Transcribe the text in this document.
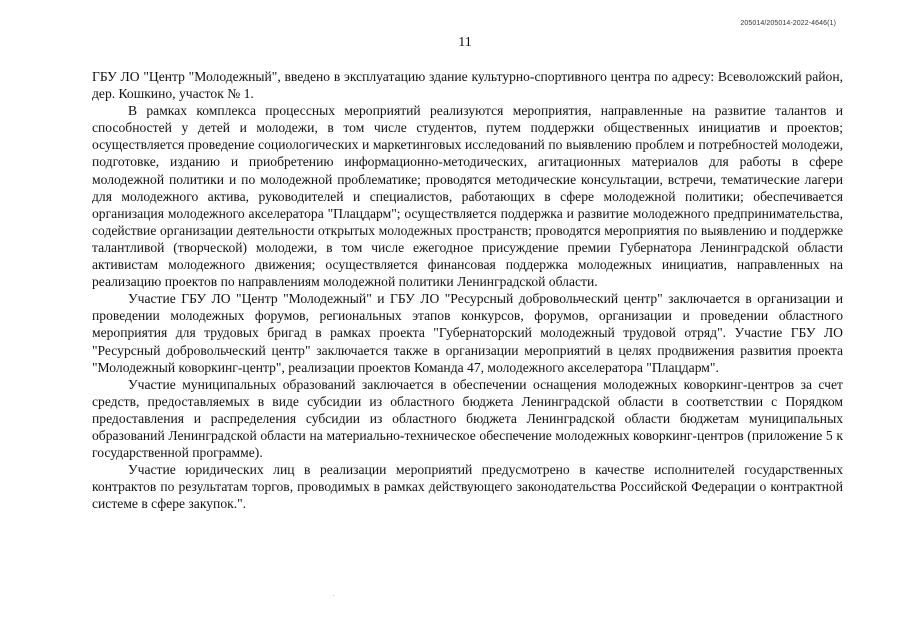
205014/205014-2022-4646(1)
11

ГБУ ЛО "Центр "Молодежный", введено в эксплуатацию здание культурно-спортивного центра по адресу: Всеволожский район, дер. Кошкино, участок № 1.

В рамках комплекса процессных мероприятий реализуются мероприятия, направленные на развитие талантов и способностей у детей и молодежи, в том числе студентов, путем поддержки общественных инициатив и проектов; осуществляется проведение социологических и маркетинговых исследований по выявлению проблем и потребностей молодежи, подготовке, изданию и приобретению информационно-методических, агитационных материалов для работы в сфере молодежной политики и по молодежной проблематике; проводятся методические консультации, встречи, тематические лагери для молодежного актива, руководителей и специалистов, работающих в сфере молодежной политики; обеспечивается организация молодежного акселератора "Плацдарм"; осуществляется поддержка и развитие молодежного предпринимательства, содействие организации деятельности открытых молодежных пространств; проводятся мероприятия по выявлению и поддержке талантливой (творческой) молодежи, в том числе ежегодное присуждение премии Губернатора Ленинградской области активистам молодежного движения; осуществляется финансовая поддержка молодежных инициатив, направленных на реализацию проектов по направлениям молодежной политики Ленинградской области.

Участие ГБУ ЛО "Центр "Молодежный" и ГБУ ЛО "Ресурсный добровольческий центр" заключается в организации и проведении молодежных форумов, региональных этапов конкурсов, форумов, организации и проведении областного мероприятия для трудовых бригад в рамках проекта "Губернаторский молодежный трудовой отряд". Участие ГБУ ЛО "Ресурсный добровольческий центр" заключается также в организации мероприятий в целях продвижения развития проекта "Молодежный коворкинг-центр", реализации проектов Команда 47, молодежного акселератора "Плацдарм".

Участие муниципальных образований заключается в обеспечении оснащения молодежных коворкинг-центров за счет средств, предоставляемых в виде субсидии из областного бюджета Ленинградской области в соответствии с Порядком предоставления и распределения субсидии из областного бюджета Ленинградской области бюджетам муниципальных образований Ленинградской области на материально-техническое обеспечение молодежных коворкинг-центров (приложение 5 к государственной программе).

Участие юридических лиц в реализации мероприятий предусмотрено в качестве исполнителей государственных контрактов по результатам торгов, проводимых в рамках действующего законодательства Российской Федерации о контрактной системе в сфере закупок.".
